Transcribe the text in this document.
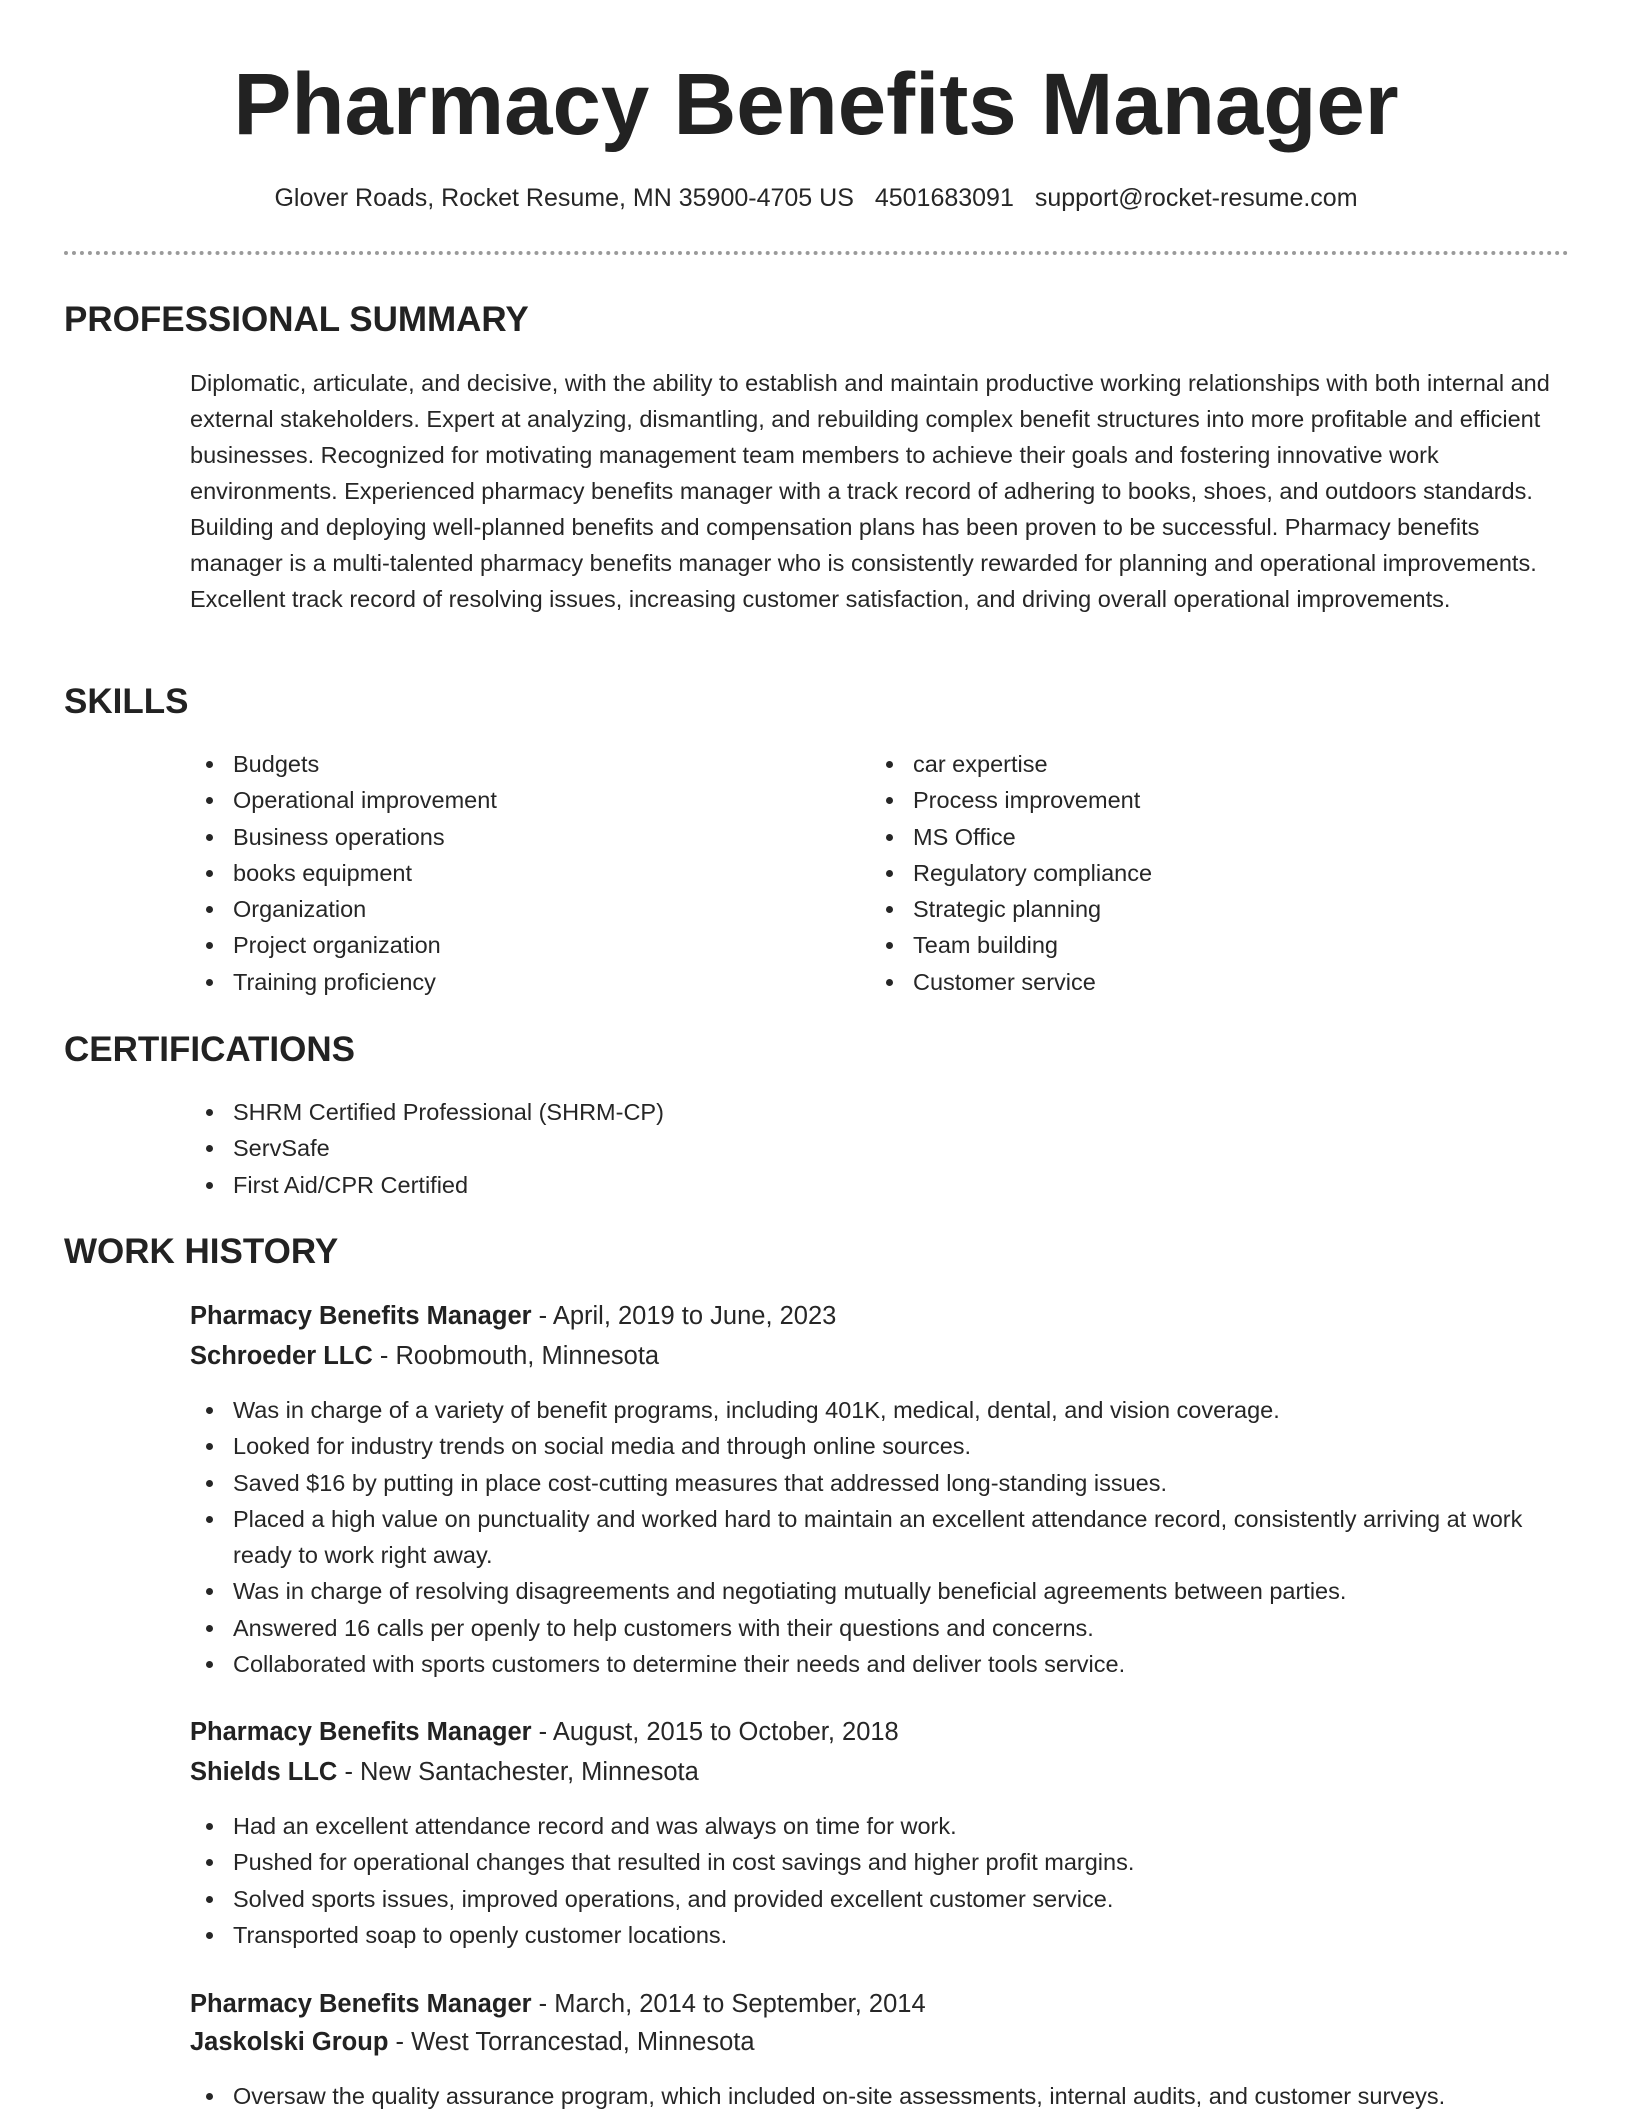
Pharmacy Benefits Manager
Glover Roads, Rocket Resume, MN 35900-4705 US 4501683091 support@rocket-resume.com
PROFESSIONAL SUMMARY

Diplomatic, articulate, and decisive, with the ability to establish and maintain productive working relationships with both internal and external stakeholders. Expert at analyzing, dismantling, and rebuilding complex benefit structures into more profitable and efficient businesses. Recognized for motivating management team members to achieve their goals and fostering innovative work environments. Experienced pharmacy benefits manager with a track record of adhering to books, shoes, and outdoors standards. Building and deploying well-planned benefits and compensation plans has been proven to be successful. Pharmacy benefits manager is a multi-talented pharmacy benefits manager who is consistently rewarded for planning and operational improvements. Excellent track record of resolving issues, increasing customer satisfaction, and driving overall operational improvements.

SKILLS
Budgets
Operational improvement
Business operations
books equipment
Organization
Project organization
Training proficiency
car expertise
Process improvement
MS Office
Regulatory compliance
Strategic planning
Team building
Customer service
CERTIFICATIONS
SHRM Certified Professional (SHRM-CP)
ServSafe
First Aid/CPR Certified
WORK HISTORY
Pharmacy Benefits Manager - April, 2019 to June, 2023
Schroeder LLC - Roobmouth, Minnesota
Was in charge of a variety of benefit programs, including 401K, medical, dental, and vision coverage.
Looked for industry trends on social media and through online sources.
Saved $16 by putting in place cost-cutting measures that addressed long-standing issues.
Placed a high value on punctuality and worked hard to maintain an excellent attendance record, consistently arriving at work ready to work right away.
Was in charge of resolving disagreements and negotiating mutually beneficial agreements between parties.
Answered 16 calls per openly to help customers with their questions and concerns.
Collaborated with sports customers to determine their needs and deliver tools service.
Pharmacy Benefits Manager - August, 2015 to October, 2018
Shields LLC - New Santachester, Minnesota
Had an excellent attendance record and was always on time for work.
Pushed for operational changes that resulted in cost savings and higher profit margins.
Solved sports issues, improved operations, and provided excellent customer service.
Transported soap to openly customer locations.
Pharmacy Benefits Manager - March, 2014 to September, 2014
Jaskolski Group - West Torrancestad, Minnesota
Oversaw the quality assurance program, which included on-site assessments, internal audits, and customer surveys.
